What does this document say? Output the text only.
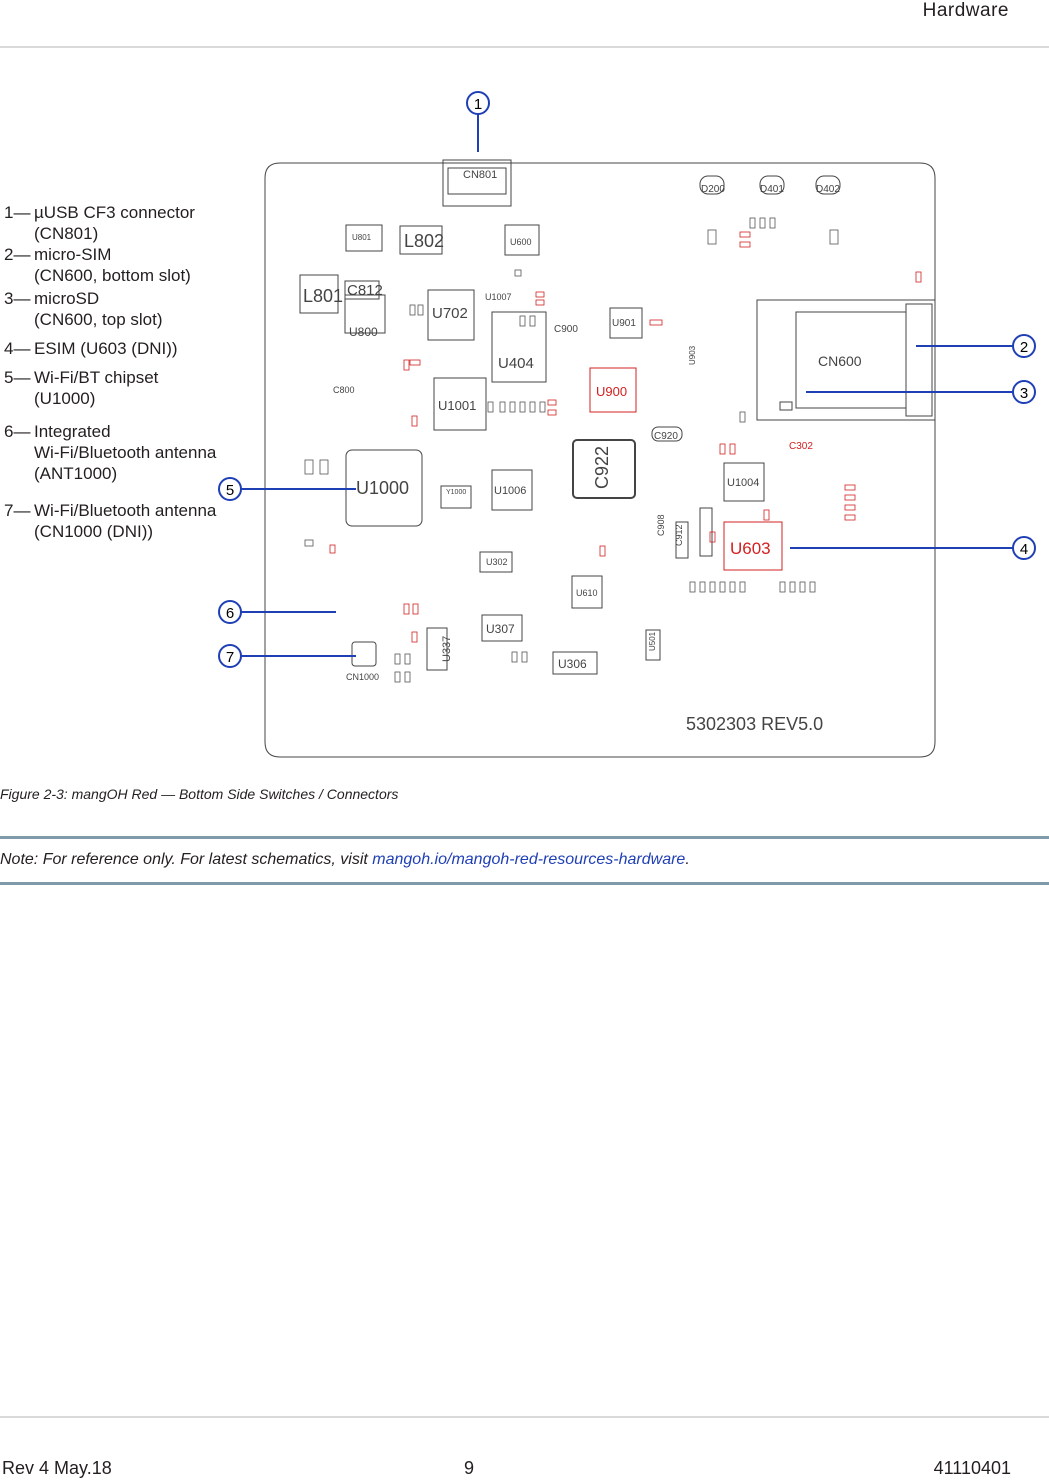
Hardware
1— µUSB CF3 connector
(CN801)
2— micro-SIM
(CN600, bottom slot)
3— microSD
(CN600, top slot)
4— ESIM (U603 (DNI))
5— Wi-Fi/BT chipset
(U1000)
6— Integrated
Wi-Fi/Bluetooth antenna
(ANT1000)
7— Wi-Fi/Bluetooth antenna
(CN1000 (DNI))
CN801
L802
L801
U801
C812
U702
U800
U404
U1001
U600
U1007
C900
U901
U900
C920
C922	U1004
C302
U603
CN600
U1000	U1006
Y1000
U302
U610
U307
U337
U306
U501
CN1000
C908 C912
D200	D401	D402
C800
U903
5302303 REV5.0
1
2
3
4
5
6
7
Figure 2-3: mangOH Red — Bottom Side Switches / Connectors
Note: For reference only. For latest schematics, visit mangoh.io/mangoh-red-resources-hardware.
Rev 4 May.18	9	41110401
